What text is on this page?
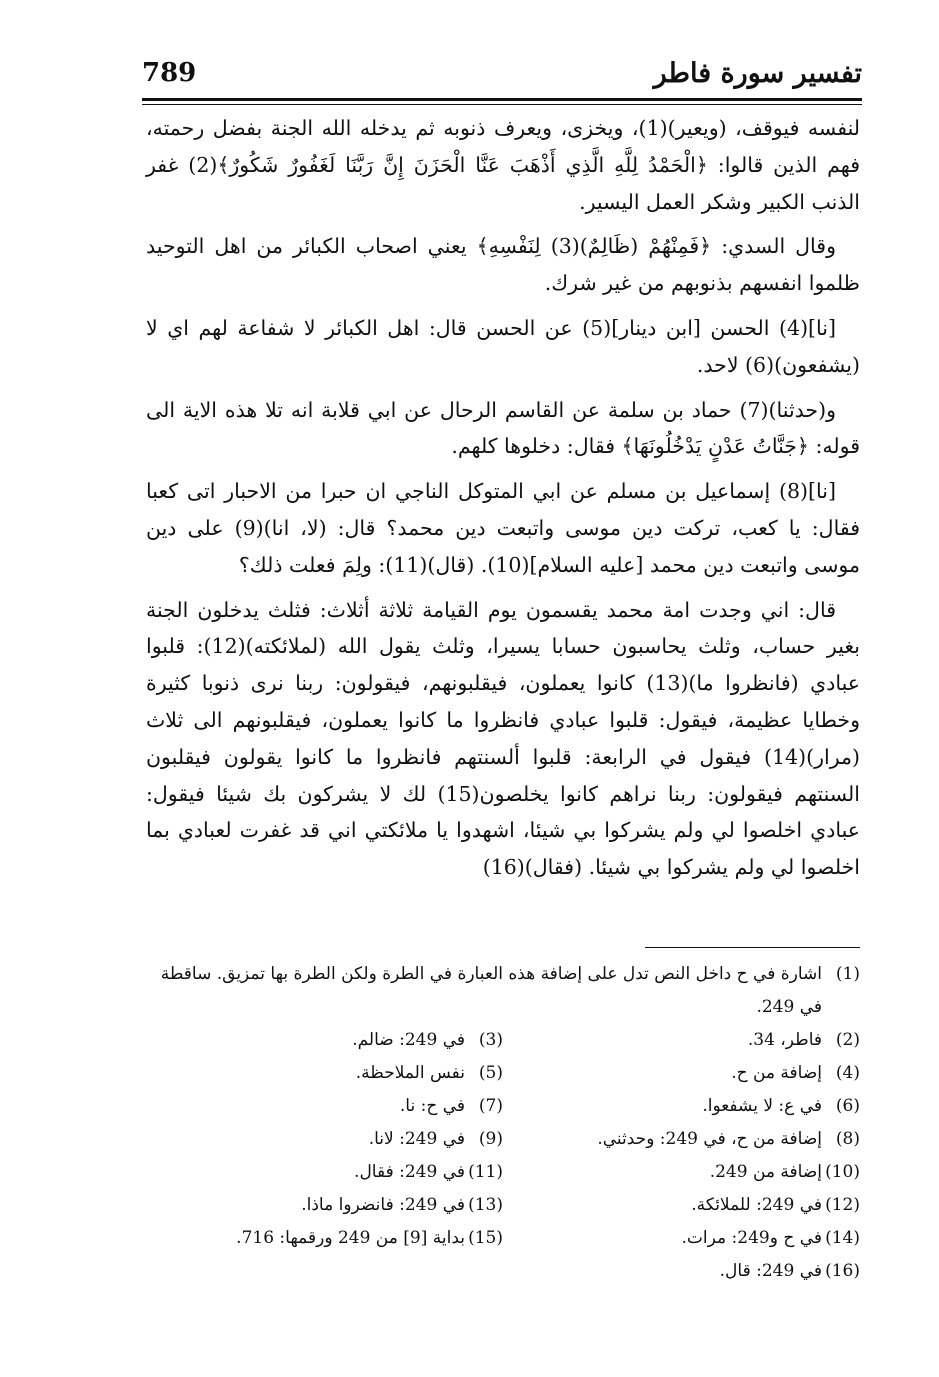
تفسير سورة فاطر
789

لنفسه فيوقف، (ويعير)(1)، ويخزى، ويعرف ذنوبه ثم يدخله الله الجنة بفضل رحمته، فهم الذين قالوا: ﴿الْحَمْدُ لِلَّهِ الَّذِي أَذْهَبَ عَنَّا الْحَزَنَ إِنَّ رَبَّنَا لَغَفُورٌ شَكُورٌ﴾(2) غفر الذنب الكبير وشكر العمل اليسير.

وقال السدي: ﴿فَمِنْهُمْ (ظَالِمٌ)(3) لِنَفْسِهِ﴾ يعني اصحاب الكبائر من اهل التوحيد ظلموا انفسهم بذنوبهم من غير شرك.

[نا](4) الحسن [ابن دينار](5) عن الحسن قال: اهل الكبائر لا شفاعة لهم اي لا (يشفعون)(6) لاحد.

و(حدثنا)(7) حماد بن سلمة عن القاسم الرحال عن ابي قلابة انه تلا هذه الاية الى قوله: ﴿جَنَّاتُ عَدْنٍ يَدْخُلُونَهَا﴾ فقال: دخلوها كلهم.

[نا](8) إسماعيل بن مسلم عن ابي المتوكل الناجي ان حبرا من الاحبار اتى كعبا فقال: يا كعب، تركت دين موسى واتبعت دين محمد؟ قال: (لا، انا)(9) على دين موسى واتبعت دين محمد [عليه السلام](10). (قال)(11): ولِمَ فعلت ذلك؟

قال: اني وجدت امة محمد يقسمون يوم القيامة ثلاثة أثلاث: فثلث يدخلون الجنة بغير حساب، وثلث يحاسبون حسابا يسيرا، وثلث يقول الله (لملائكته)(12): قلبوا عبادي (فانظروا ما)(13) كانوا يعملون، فيقلبونهم، فيقولون: ربنا نرى ذنوبا كثيرة وخطايا عظيمة، فيقول: قلبوا عبادي فانظروا ما كانوا يعملون، فيقلبونهم الى ثلاث (مرار)(14) فيقول في الرابعة: قلبوا ألسنتهم فانظروا ما كانوا يقولون فيقلبون السنتهم فيقولون: ربنا نراهم كانوا يخلصون(15) لك لا يشركون بك شيئا فيقول: عبادي اخلصوا لي ولم يشركوا بي شيئا، اشهدوا يا ملائكتي اني قد غفرت لعبادي بما اخلصوا لي ولم يشركوا بي شيئا. (فقال)(16)

(1)
اشارة في ح داخل النص تدل على إضافة هذه العبارة في الطرة ولكن الطرة بها تمزيق. ساقطة في 249.
(2)
فاطر، 34.
(3)
في 249: ضالم.
(4)
إضافة من ح.
(5)
نفس الملاحظة.
(6)
في ع: لا يشفعوا.
(7)
في ح: نا.
(8)
إضافة من ح، في 249: وحدثني.
(9)
في 249: لانا.
(10)
إضافة من 249.
(11)
في 249: فقال.
(12)
في 249: للملائكة.
(13)
في 249: فانضروا ماذا.
(14)
في ح و249: مرات.
(15)
بداية [9] من 249 ورقمها: 716.
(16)
في 249: قال.
